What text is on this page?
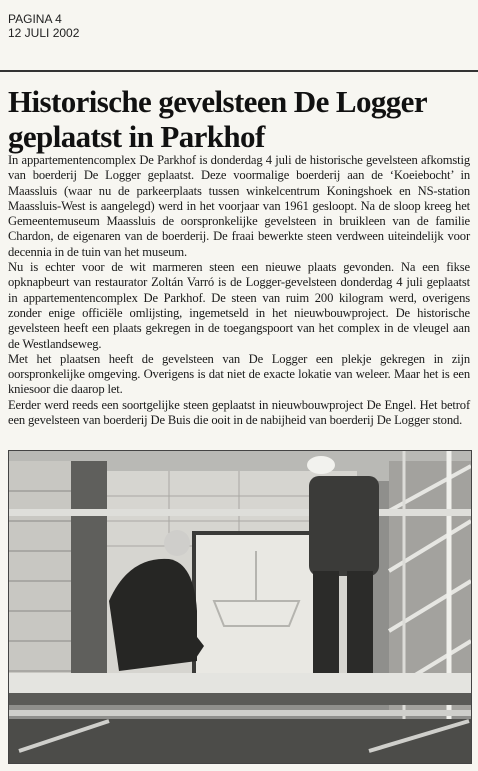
PAGINA 4
12 JULI 2002
Historische gevelsteen De Logger geplaatst in Parkhof

In appartementencomplex De Parkhof is donderdag 4 juli de historische gevelsteen afkomstig van boerderij De Logger geplaatst. Deze voormalige boerderij aan de ‘Koeiebocht’ in Maassluis (waar nu de parkeerplaats tussen winkelcentrum Koningshoek en NS-station Maassluis-West is aangelegd) werd in het voorjaar van 1961 gesloopt. Na de sloop kreeg het Gemeentemuseum Maassluis de oorspronkelijke gevelsteen in bruikleen van de familie Chardon, de eigenaren van de boerderij. De fraai bewerkte steen verdween uiteindelijk voor decennia in de tuin van het museum.

Nu is echter voor de wit marmeren steen een nieuwe plaats gevonden. Na een fikse opknapbeurt van restaurator Zoltán Varró is de Logger-gevelsteen donderdag 4 juli geplaatst in appartementencomplex De Parkhof. De steen van ruim 200 kilogram werd, overigens zonder enige officiële omlijsting, ingemetseld in het nieuwbouwproject. De historische gevelsteen heeft een plaats gekregen in de toegangspoort van het complex in de vleugel aan de Westlandseweg.

Met het plaatsen heeft de gevelsteen van De Logger een plekje gekregen in zijn oorspronkelijke omgeving. Overigens is dat niet de exacte lokatie van weleer. Maar het is een kniesoor die daarop let.

Eerder werd reeds een soortgelijke steen geplaatst in nieuwbouwproject De Engel. Het betrof een gevelsteen van boerderij De Buis die ooit in de nabijheid van boerderij De Logger stond.
